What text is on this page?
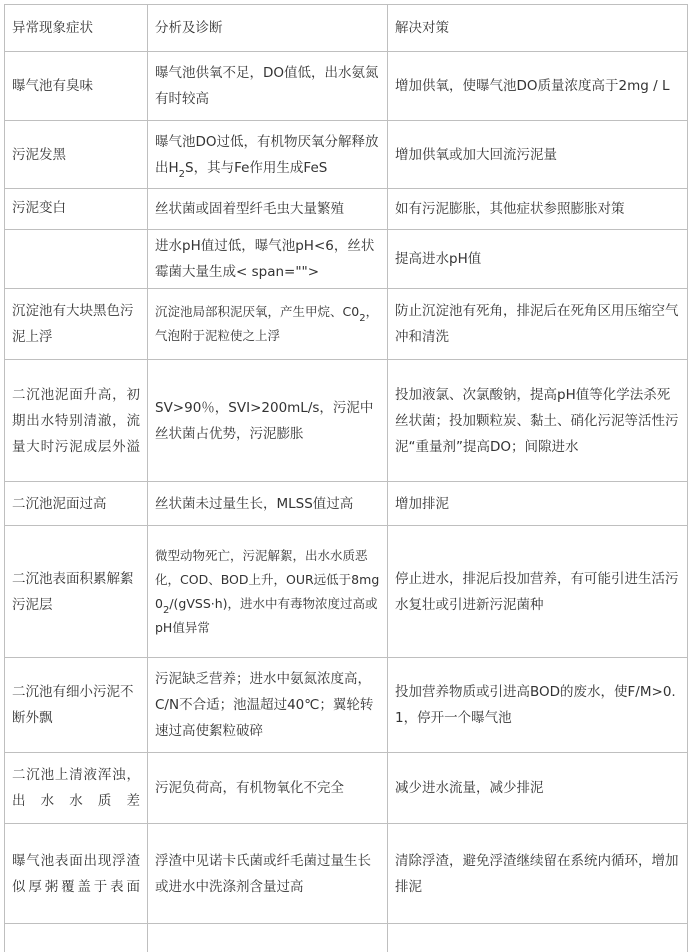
异常现象症状	分析及诊断	解决对策
曝气池有臭味	曝气池供氧不足，DO值低，出水氨氮有时较高	增加供氧，使曝气池DO质量浓度高于2mg / L
污泥发黑	曝气池DO过低，有机物厌氧分解释放出$H_2S$，其与Fe作用生成FeS	增加供氧或加大回流污泥量
污泥变白	丝状菌或固着型纤毛虫大量繁殖	如有污泥膨胀，其他症状参照膨胀对策
	进水pH值过低，曝气池pH<6，丝状霉菌大量生成< span="">	提高进水pH值
沉淀池有大块黑色污泥上浮	沉淀池局部积泥厌氧，产生甲烷、$C0_2$，气泡附于泥粒使之上浮	防止沉淀池有死角，排泥后在死角区用压缩空气冲和清洗
二沉池泥面升高，初期出水特别清澈，流量大时污泥成层外溢	SV>90％，SVI>200mL/s，污泥中丝状菌占优势，污泥膨胀	投加液氯、次氯酸钠，提高pH值等化学法杀死丝状菌；投加颗粒炭、黏土、硝化污泥等活性污泥“重量剂”提高DO；间隙进水
二沉池泥面过高	丝状菌未过量生长，MLSS值过高	增加排泥
二沉池表面积累解絮污泥层	微型动物死亡，污泥解絮，出水水质恶化，COD、BOD上升，OUR远低于$8mg0_2/(gVSS\cdot h)$，进水中有毒物浓度过高或pH值异常	停止进水，排泥后投加营养，有可能引进生活污水复壮或引进新污泥菌种
二沉池有细小污泥不断外飘	污泥缺乏营养；进水中氨氮浓度高，C/N不合适；池温超过40℃；翼轮转速过高使絮粒破碎	投加营养物质或引进高BOD的废水，使F/M>0.1，停开一个曝气池
二沉池上清液浑浊，出水水质差	污泥负荷高，有机物氧化不完全	减少进水流量，减少排泥
曝气池表面出现浮渣似厚粥覆盖于表面	浮渣中见诺卡氏菌或纤毛菌过量生长或进水中洗涤剂含量过高	清除浮渣，避免浮渣继续留在系统内循环，增加排泥
